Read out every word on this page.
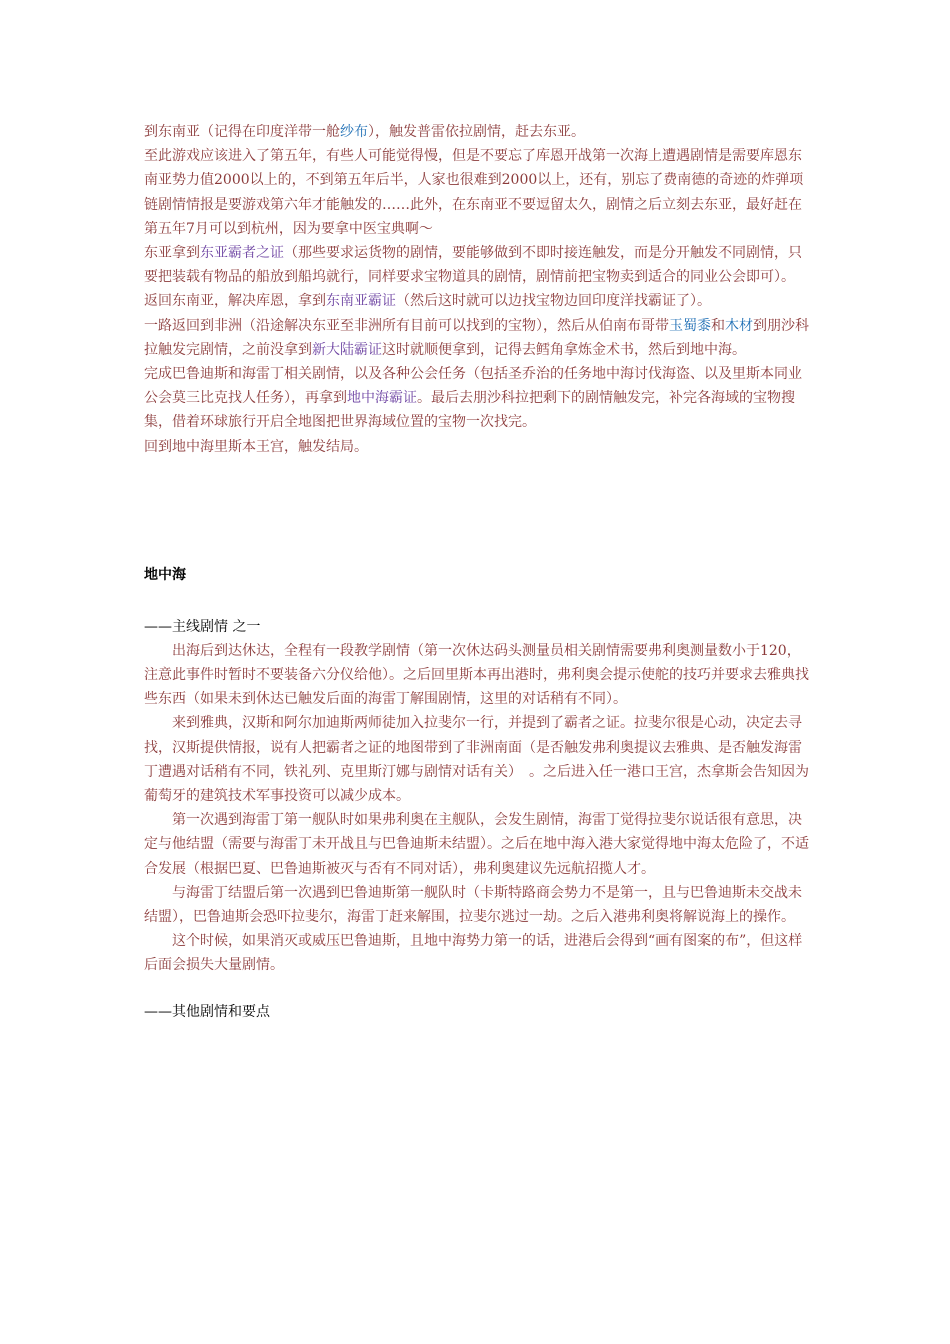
到东南亚（记得在印度洋带一舱纱布），触发普雷依拉剧情，赶去东亚。

至此游戏应该进入了第五年，有些人可能觉得慢，但是不要忘了库恩开战第一次海上遭遇剧情是需要库恩东南亚势力值2000以上的，不到第五年后半，人家也很难到2000以上，还有，别忘了费南德的奇迹的炸弹项链剧情情报是要游戏第六年才能触发的……此外，在东南亚不要逗留太久，剧情之后立刻去东亚，最好赶在第五年7月可以到杭州，因为要拿中医宝典啊～

东亚拿到东亚霸者之证（那些要求运货物的剧情，要能够做到不即时接连触发，而是分开触发不同剧情，只要把装载有物品的船放到船坞就行，同样要求宝物道具的剧情，剧情前把宝物卖到适合的同业公会即可）。

返回东南亚，解决库恩，拿到东南亚霸证（然后这时就可以边找宝物边回印度洋找霸证了）。

一路返回到非洲（沿途解决东亚至非洲所有目前可以找到的宝物），然后从伯南布哥带玉蜀黍和木材到朋沙科拉触发完剧情，之前没拿到新大陆霸证这时就顺便拿到，记得去鳕角拿炼金术书，然后到地中海。

完成巴鲁迪斯和海雷丁相关剧情，以及各种公会任务（包括圣乔治的任务地中海讨伐海盗、以及里斯本同业公会莫三比克找人任务），再拿到地中海霸证。最后去朋沙科拉把剩下的剧情触发完，补完各海域的宝物搜集，借着环球旅行开启全地图把世界海域位置的宝物一次找完。

回到地中海里斯本王宫，触发结局。

地中海

——主线剧情 之一

出海后到达休达，全程有一段教学剧情（第一次休达码头测量员相关剧情需要弗利奥测量数小于120，注意此事件时暂时不要装备六分仪给他）。之后回里斯本再出港时，弗利奥会提示使舵的技巧并要求去雅典找些东西（如果未到休达已触发后面的海雷丁解围剧情，这里的对话稍有不同）。

来到雅典，汉斯和阿尔加迪斯两师徒加入拉斐尔一行，并提到了霸者之证。拉斐尔很是心动，决定去寻找，汉斯提供情报，说有人把霸者之证的地图带到了非洲南面（是否触发弗利奥提议去雅典、是否触发海雷丁遭遇对话稍有不同，铁礼列、克里斯汀娜与剧情对话有关）　。之后进入任一港口王宫，杰拿斯会告知因为葡萄牙的建筑技术军事投资可以减少成本。

第一次遇到海雷丁第一舰队时如果弗利奥在主舰队，会发生剧情，海雷丁觉得拉斐尔说话很有意思，决定与他结盟（需要与海雷丁未开战且与巴鲁迪斯未结盟）。之后在地中海入港大家觉得地中海太危险了，不适合发展（根据巴夏、巴鲁迪斯被灭与否有不同对话），弗利奥建议先远航招揽人才。

与海雷丁结盟后第一次遇到巴鲁迪斯第一舰队时（卡斯特路商会势力不是第一，且与巴鲁迪斯未交战未结盟），巴鲁迪斯会恐吓拉斐尔，海雷丁赶来解围，拉斐尔逃过一劫。之后入港弗利奥将解说海上的操作。

这个时候，如果消灭或威压巴鲁迪斯，且地中海势力第一的话，进港后会得到“画有图案的布”，但这样后面会损失大量剧情。

——其他剧情和要点
